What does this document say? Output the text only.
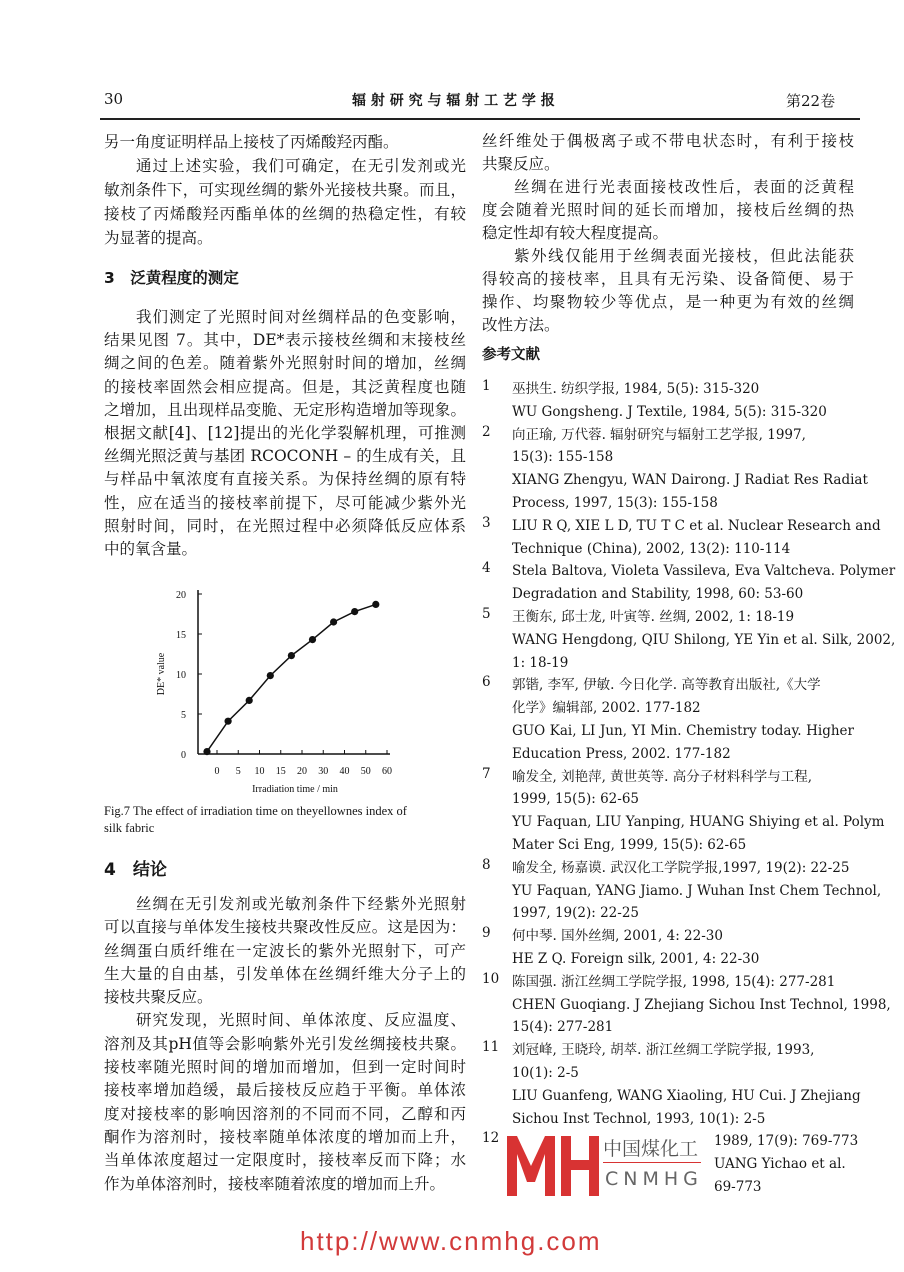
30	辐 射 研 究 与 辐 射 工 艺 学 报	第22卷
另一角度证明样品上接枝了丙烯酸羟丙酯。
通过上述实验，我们可确定，在无引发剂或光
敏剂条件下，可实现丝绸的紫外光接枝共聚。而且，
接枝了丙烯酸羟丙酯单体的丝绸的热稳定性，有较
为显著的提高。
3　泛黄程度的测定
我们测定了光照时间对丝绸样品的色变影响，
结果见图 7。其中，DE*表示接枝丝绸和末接枝丝
绸之间的色差。随着紫外光照射时间的增加，丝绸
的接枝率固然会相应提高。但是，其泛黄程度也随
之增加，且出现样品变脆、无定形构造增加等现象。
根据文献[4]、[12]提出的光化学裂解机理，可推测
丝绸光照泛黄与基团 RCOCONH – 的生成有关，且
与样品中氧浓度有直接关系。为保持丝绸的原有特
性，应在适当的接枝率前提下，尽可能减少紫外光
照射时间，同时，在光照过程中必须降低反应体系
中的氧含量。
0
5
10
15
20
0 5 10 15 20 30 40 50 60
Irradiation time / min
DE* value
Fig.7 The effect of irradiation time on theyellownes index of
silk fabric
4　结论
丝绸在无引发剂或光敏剂条件下经紫外光照射
可以直接与单体发生接枝共聚改性反应。这是因为：
丝绸蛋白质纤维在一定波长的紫外光照射下，可产
生大量的自由基，引发单体在丝绸纤维大分子上的
接枝共聚反应。
研究发现，光照时间、单体浓度、反应温度、
溶剂及其pH值等会影响紫外光引发丝绸接枝共聚。
接枝率随光照时间的增加而增加，但到一定时间时
接枝率增加趋缓，最后接枝反应趋于平衡。单体浓
度对接枝率的影响因溶剂的不同而不同，乙醇和丙
酮作为溶剂时，接枝率随单体浓度的增加而上升，
当单体浓度超过一定限度时，接枝率反而下降；水
作为单体溶剂时，接枝率随着浓度的增加而上升。
丝纤维处于偶极离子或不带电状态时，有利于接枝
共聚反应。
丝绸在进行光表面接枝改性后，表面的泛黄程
度会随着光照时间的延长而增加，接枝后丝绸的热
稳定性却有较大程度提高。
紫外线仅能用于丝绸表面光接枝，但此法能获
得较高的接枝率，且具有无污染、设备简便、易于
操作、均聚物较少等优点，是一种更为有效的丝绸
改性方法。
参考文献
1 巫拱生. 纺织学报, 1984, 5(5): 315-320
WU Gongsheng. J Textile, 1984, 5(5): 315-320
2 向正瑜, 万代蓉. 辐射研究与辐射工艺学报, 1997,
15(3): 155-158
XIANG Zhengyu, WAN Dairong. J Radiat Res Radiat
Process, 1997, 15(3): 155-158
3 LIU R Q, XIE L D, TU T C et al. Nuclear Research and
Technique (China), 2002, 13(2): 110-114
4 Stela Baltova, Violeta Vassileva, Eva Valtcheva. Polymer
Degradation and Stability, 1998, 60: 53-60
5 王衡东, 邱士龙, 叶寅等. 丝绸, 2002, 1: 18-19
WANG Hengdong, QIU Shilong, YE Yin et al. Silk, 2002,
1: 18-19
6 郭锴, 李军, 伊敏. 今日化学. 高等教育出版社,《大学
化学》编辑部, 2002. 177-182
GUO Kai, LI Jun, YI Min. Chemistry today. Higher
Education Press, 2002. 177-182
7 喻发全, 刘艳萍, 黄世英等. 高分子材料科学与工程,
1999, 15(5): 62-65
YU Faquan, LIU Yanping, HUANG Shiying et al. Polym
Mater Sci Eng, 1999, 15(5): 62-65
8 喻发全, 杨嘉谟. 武汉化工学院学报,1997, 19(2): 22-25
YU Faquan, YANG Jiamo. J Wuhan Inst Chem Technol,
1997, 19(2): 22-25
9 何中琴. 国外丝绸, 2001, 4: 22-30
HE Z Q. Foreign silk, 2001, 4: 22-30
10 陈国强. 浙江丝绸工学院学报, 1998, 15(4): 277-281
CHEN Guoqiang. J Zhejiang Sichou Inst Technol, 1998,
15(4): 277-281
11 刘冠峰, 王晓玲, 胡萃. 浙江丝绸工学院学报, 1993,
10(1): 2-5
LIU Guanfeng, WANG Xiaoling, HU Cui. J Zhejiang
Sichou Inst Technol, 1993, 10(1): 2-5
12	1989, 17(9): 769-773
UANG Yichao et al.
69-773
中国煤化工
CNMHG
http://www.cnmhg.com
